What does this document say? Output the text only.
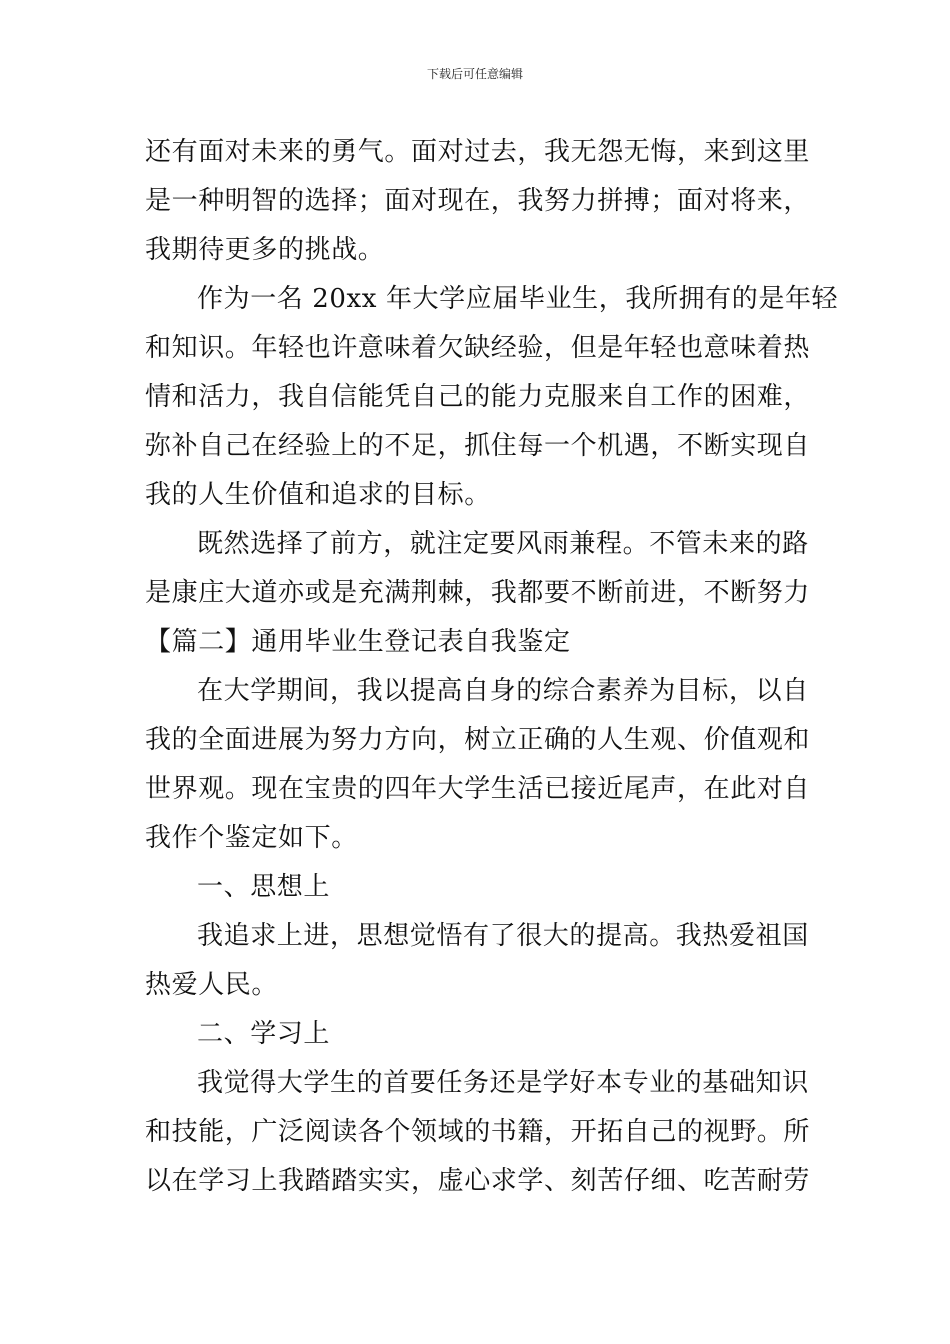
下载后可任意编辑
还有面对未来的勇气。面对过去，我无怨无悔，来到这里
是一种明智的选择；面对现在，我努力拼搏；面对将来，
我期待更多的挑战。
作为一名 20xx 年大学应届毕业生，我所拥有的是年轻
和知识。年轻也许意味着欠缺经验，但是年轻也意味着热
情和活力，我自信能凭自己的能力克服来自工作的困难，
弥补自己在经验上的不足，抓住每一个机遇，不断实现自
我的人生价值和追求的目标。
既然选择了前方，就注定要风雨兼程。不管未来的路
是康庄大道亦或是充满荆棘，我都要不断前进，不断努力
【篇二】通用毕业生登记表自我鉴定
在大学期间，我以提高自身的综合素养为目标，以自
我的全面进展为努力方向，树立正确的人生观、价值观和
世界观。现在宝贵的四年大学生活已接近尾声，在此对自
我作个鉴定如下。
一、思想上
我追求上进，思想觉悟有了很大的提高。我热爱祖国
热爱人民。
二、学习上
我觉得大学生的首要任务还是学好本专业的基础知识
和技能，广泛阅读各个领域的书籍，开拓自己的视野。所
以在学习上我踏踏实实，虚心求学、刻苦仔细、吃苦耐劳
